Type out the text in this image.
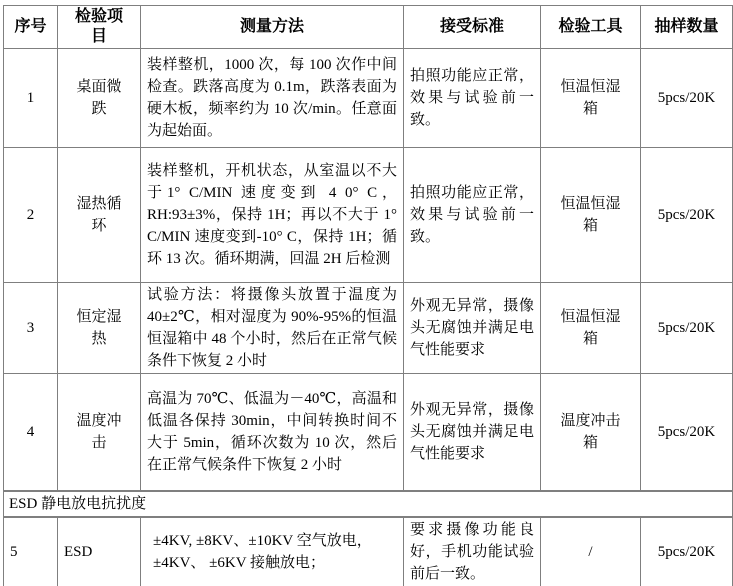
序号	检验项目	测量方法	接受标准	检验工具	抽样数量
1	桌面微跌	装样整机，1000 次，每 100 次作中间检查。跌落高度为 0.1m，跌落表面为硬木板，频率约为 10 次/min。任意面为起始面。	拍照功能应正常，效果与试验前一致。	恒温恒湿箱	5pcs/20K
2	湿热循环	装样整机，开机状态，从室温以不大于1° C/MIN 速度变到 4 0° C，RH:93±3%，保持 1H；再以不大于 1° C/MIN 速度变到-10° C，保持 1H；循环 13 次。循环期满，回温 2H 后检测	拍照功能应正常，效果与试验前一致。	恒温恒湿箱	5pcs/20K
3	恒定湿热	试验方法：将摄像头放置于温度为 40±2℃，相对湿度为 90%-95%的恒温恒湿箱中 48 个小时，然后在正常气候条件下恢复 2 小时	外观无异常，摄像头无腐蚀并满足电气性能要求	恒温恒湿箱	5pcs/20K
4	温度冲击	高温为 70℃、低温为－40℃，高温和低温各保持 30min，中间转换时间不大于 5min，循环次数为 10 次，然后在正常气候条件下恢复 2 小时	外观无异常，摄像头无腐蚀并满足电气性能要求	温度冲击箱	5pcs/20K
ESD 静电放电抗扰度					
5	ESD	±4KV, ±8KV、±10KV 空气放电，±4KV、 ±6KV 接触放电；	要求摄像功能良好，手机功能试验前后一致。	/	5pcs/20K
